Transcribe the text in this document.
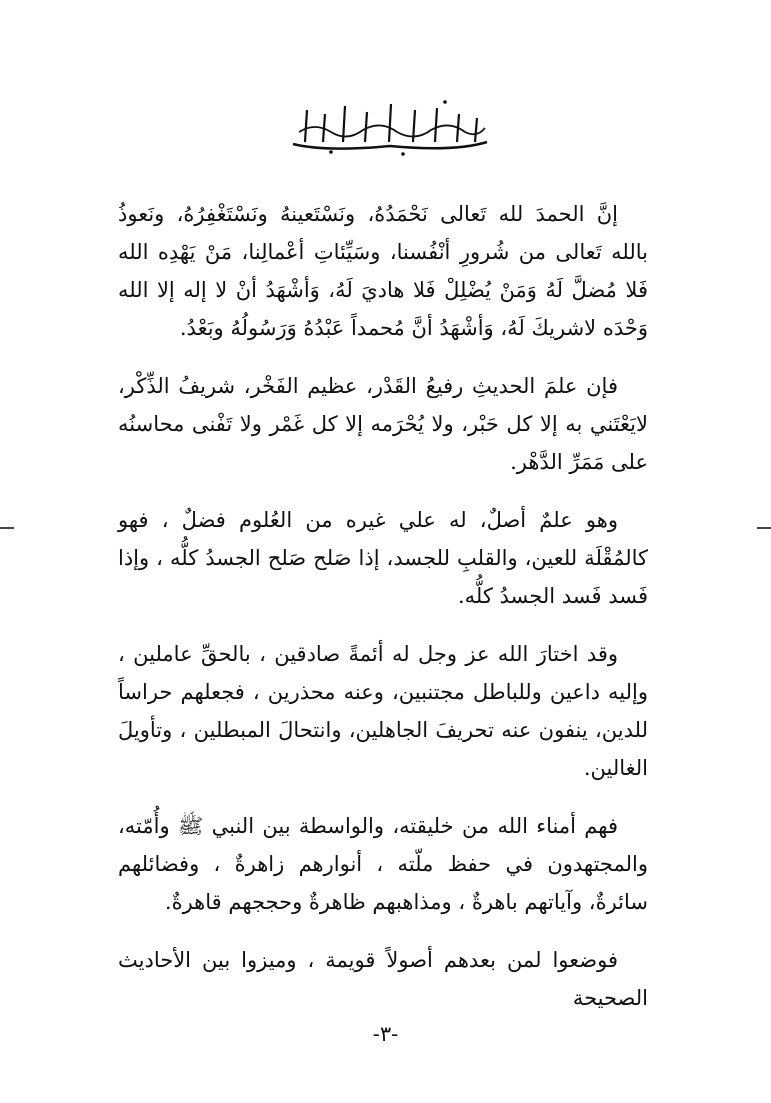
إنَّ الحمدَ لله تَعالى نَحْمَدُهُ، ونَسْتَعينهُ ونَسْتَغْفِرُهُ، ونَعوذُ بالله تَعالى من شُرورِ أنْفُسنا، وسَيِّئاتِ أعْمالِنا، مَنْ يَهْدِه الله فَلا مُضلَّ لَهُ وَمَنْ يُضْلِلْ فَلا هاديَ لَهُ، وَأشْهَدُ أنْ لا إله إلا الله وَحْدَه لاشريكَ لَهُ، وَأشْهَدُ أنَّ مُحمداً عَبْدُهُ وَرَسُولُهُ وبَعْدُ.

فإن علمَ الحديثِ رفيعُ القَدْر، عظيم الفَخْر، شريفُ الذِّكْر، لايَعْتَني به إلا كل حَبْر، ولا يُحْرَمه إلا كل غَمْر ولا تَفْنى محاسنُه على مَمَرِّ الدَّهْر.

وهو علمٌ أصلٌ، له علي غيره من العُلوم فضلٌ ، فهو كالمُقْلَة للعين، والقلبِ للجسد، إذا صَلح صَلح الجسدُ كلُّه ، وإذا فَسد فَسد الجسدُ كلُّه.

وقد اختارَ الله عز وجل له أئمةً صادقين ، بالحقِّ عاملين ، وإليه داعين وللباطل مجتنبين، وعنه محذرين ، فجعلهم حراساً للدين، ينفون عنه تحريفَ الجاهلين، وانتحالَ المبطلين ، وتأويلَ الغالين.

فهم أمناء الله من خليقته، والواسطة بين النبي ﷺ وأُمّته، والمجتهدون في حفظ ملّته ، أنوارهم زاهرةٌ ، وفضائلهم سائرةٌ، وآياتهم باهرةٌ ، ومذاهبهم ظاهرةٌ وحججهم قاهرةٌ.

فوضعوا لمن بعدهم أصولاً قويمة ، وميزوا بين الأحاديث الصحيحة

-٣-
